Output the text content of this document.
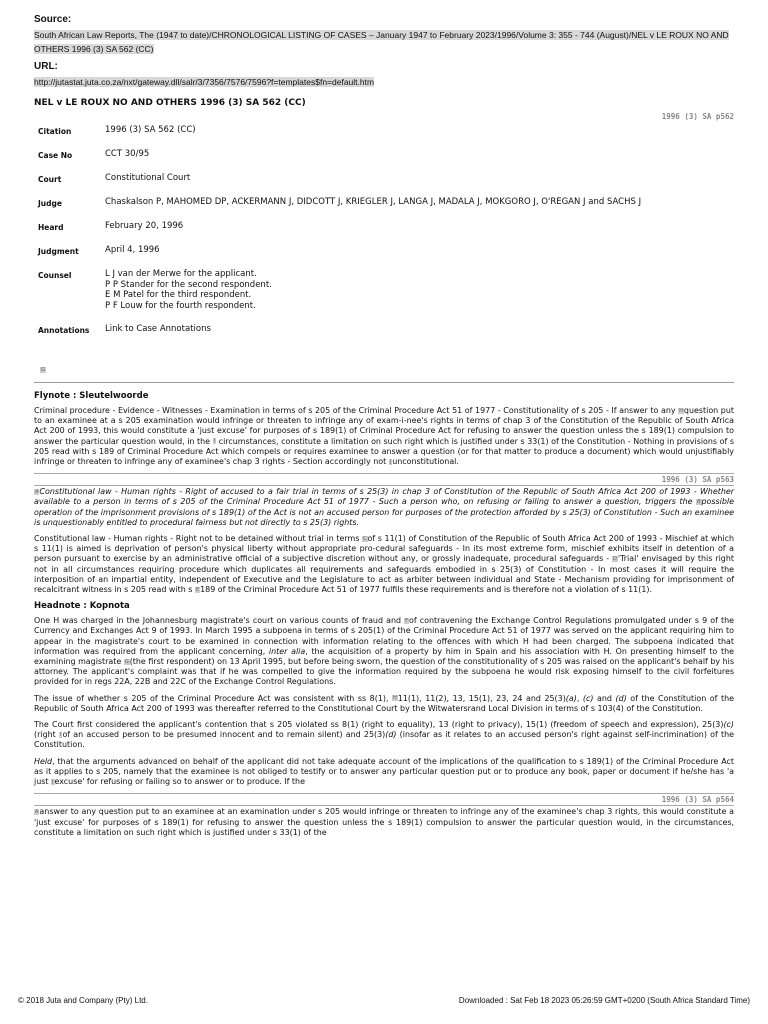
Source:

South African Law Reports, The (1947 to date)/CHRONOLOGICAL LISTING OF CASES – January 1947 to February 2023/1996/Volume 3: 355 - 744 (August)/NEL v LE ROUX NO AND OTHERS 1996 (3) SA 562 (CC)

URL:

http://jutastat.juta.co.za/nxt/gateway.dll/salr/3/7356/7576/7596?f=templates$fn=default.htm

NEL v LE ROUX NO AND OTHERS 1996 (3) SA 562 (CC)

1996 (3) SA p562
Citation	1996 (3) SA 562 (CC)

Case No	CCT 30/95

Court	Constitutional Court

Judge	Chaskalson P, MAHOMED DP, ACKERMANN J, DIDCOTT J, KRIEGLER J, LANGA J, MADALA J, MOKGORO J, O'REGAN J and SACHS J

Heard	February 20, 1996

Judgment	April 4, 1996

Counsel	L J van der Merwe for the applicant.
P P Stander for the second respondent.
E M Patel for the third respondent.
P F Louw for the fourth respondent.

Annotations	Link to Case Annotations
G
Flynote : Sleutelwoorde

Criminal procedure - Evidence - Witnesses - Examination in terms of s 205 of the Criminal Procedure Act 51 of 1977 - Constitutionality of s 205 - If answer to any Hquestion put to an examinee at a s 205 examination would infringe or threaten to infringe any of exam-i-nee's rights in terms of chap 3 of the Constitution of the Republic of South Africa Act 200 of 1993, this would constitute a 'just excuse' for purposes of s 189(1) of Criminal Procedure Act for refusing to answer the question unless the s 189(1) compulsion to answer the particular question would, in the I circumstances, constitute a limitation on such right which is justified under s 33(1) of the Constitution - Nothing in provisions of s 205 read with s 189 of Criminal Procedure Act which compels or requires examinee to answer a question (or for that matter to produce a document) which would unjustifiably infringe or threaten to infringe any of examinee's chap 3 rights - Section accordingly not Junconstitutional.

1996 (3) SA p563

AConstitutional law - Human rights - Right of accused to a fair trial in terms of s 25(3) in chap 3 of Constitution of the Republic of South Africa Act 200 of 1993 - Whether available to a person in terms of s 205 of the Criminal Procedure Act 51 of 1977 - Such a person who, on refusing or failing to answer a question, triggers the Bpossible operation of the imprisonment provisions of s 189(1) of the Act is not an accused person for purposes of the protection afforded by s 25(3) of Constitution - Such an examinee is unquestionably entitled to procedural fairness but not directly to s 25(3) rights.

Constitutional law - Human rights - Right not to be detained without trial in terms Cof s 11(1) of Constitution of the Republic of South Africa Act 200 of 1993 - Mischief at which s 11(1) is aimed is deprivation of person's physical liberty without appropriate pro-cedural safeguards - In its most extreme form, mischief exhibits itself in detention of a person pursuant to exercise by an administrative official of a subjective discretion without any, or grossly inadequate, procedural safeguards - D'Trial' envisaged by this right not in all circumstances requiring procedure which duplicates all requirements and safeguards embodied in s 25(3) of Constitution - In most cases it will require the interposition of an impartial entity, independent of Executive and the Legislature to act as arbiter between individual and State - Mechanism providing for imprisonment of recalcitrant witness in s 205 read with s E189 of the Criminal Procedure Act 51 of 1977 fulfils these requirements and is therefore not a violation of s 11(1).

Headnote : Kopnota

One H was charged in the Johannesburg magistrate's court on various counts of fraud and Fof contravening the Exchange Control Regulations promulgated under s 9 of the Currency and Exchanges Act 9 of 1993. In March 1995 a subpoena in terms of s 205(1) of the Criminal Procedure Act 51 of 1977 was served on the applicant requiring him to appear in the magistrate's court to be examined in connection with information relating to the offences with which H had been charged. The subpoena indicated that information was required from the applicant concerning, inter alia, the acquisition of a property by him in Spain and his association with H. On presenting himself to the examining magistrate G(the first respondent) on 13 April 1995, but before being sworn, the question of the constitutionality of s 205 was raised on the applicant's behalf by his attorney. The applicant's complaint was that if he was compelled to give the information required by the subpoena he would risk exposing himself to the civil forfeitures provided for in regs 22A, 22B and 22C of the Exchange Control Regulations.

The issue of whether s 205 of the Criminal Procedure Act was consistent with ss 8(1), H11(1), 11(2), 13, 15(1), 23, 24 and 25(3)(a), (c) and (d) of the Constitution of the Republic of South Africa Act 200 of 1993 was thereafter referred to the Constitutional Court by the Witwatersrand Local Division in terms of s 103(4) of the Constitution.

The Court first considered the applicant's contention that s 205 violated ss 8(1) (right to equality), 13 (right to privacy), 15(1) (freedom of speech and expression), 25(3)(c) (right Iof an accused person to be presumed innocent and to remain silent) and 25(3)(d) (insofar as it relates to an accused person's right against self-incrimination) of the Constitution.

Held, that the arguments advanced on behalf of the applicant did not take adequate account of the implications of the qualification to s 189(1) of the Criminal Procedure Act as it applies to s 205, namely that the examinee is not obliged to testify or to answer any particular question put or to produce any book, paper or document if he/she has 'a just Jexcuse' for refusing or failing so to answer or to produce. If the

1996 (3) SA p564

Aanswer to any question put to an examinee at an examination under s 205 would infringe or threaten to infringe any of the examinee's chap 3 rights, this would constitute a 'just excuse' for purposes of s 189(1) for refusing to answer the question unless the s 189(1) compulsion to answer the particular question would, in the circumstances, constitute a limitation on such right which is justified under s 33(1) of the

© 2018 Juta and Company (Pty) Ltd.	Downloaded : Sat Feb 18 2023 05:26:59 GMT+0200 (South Africa Standard Time)
